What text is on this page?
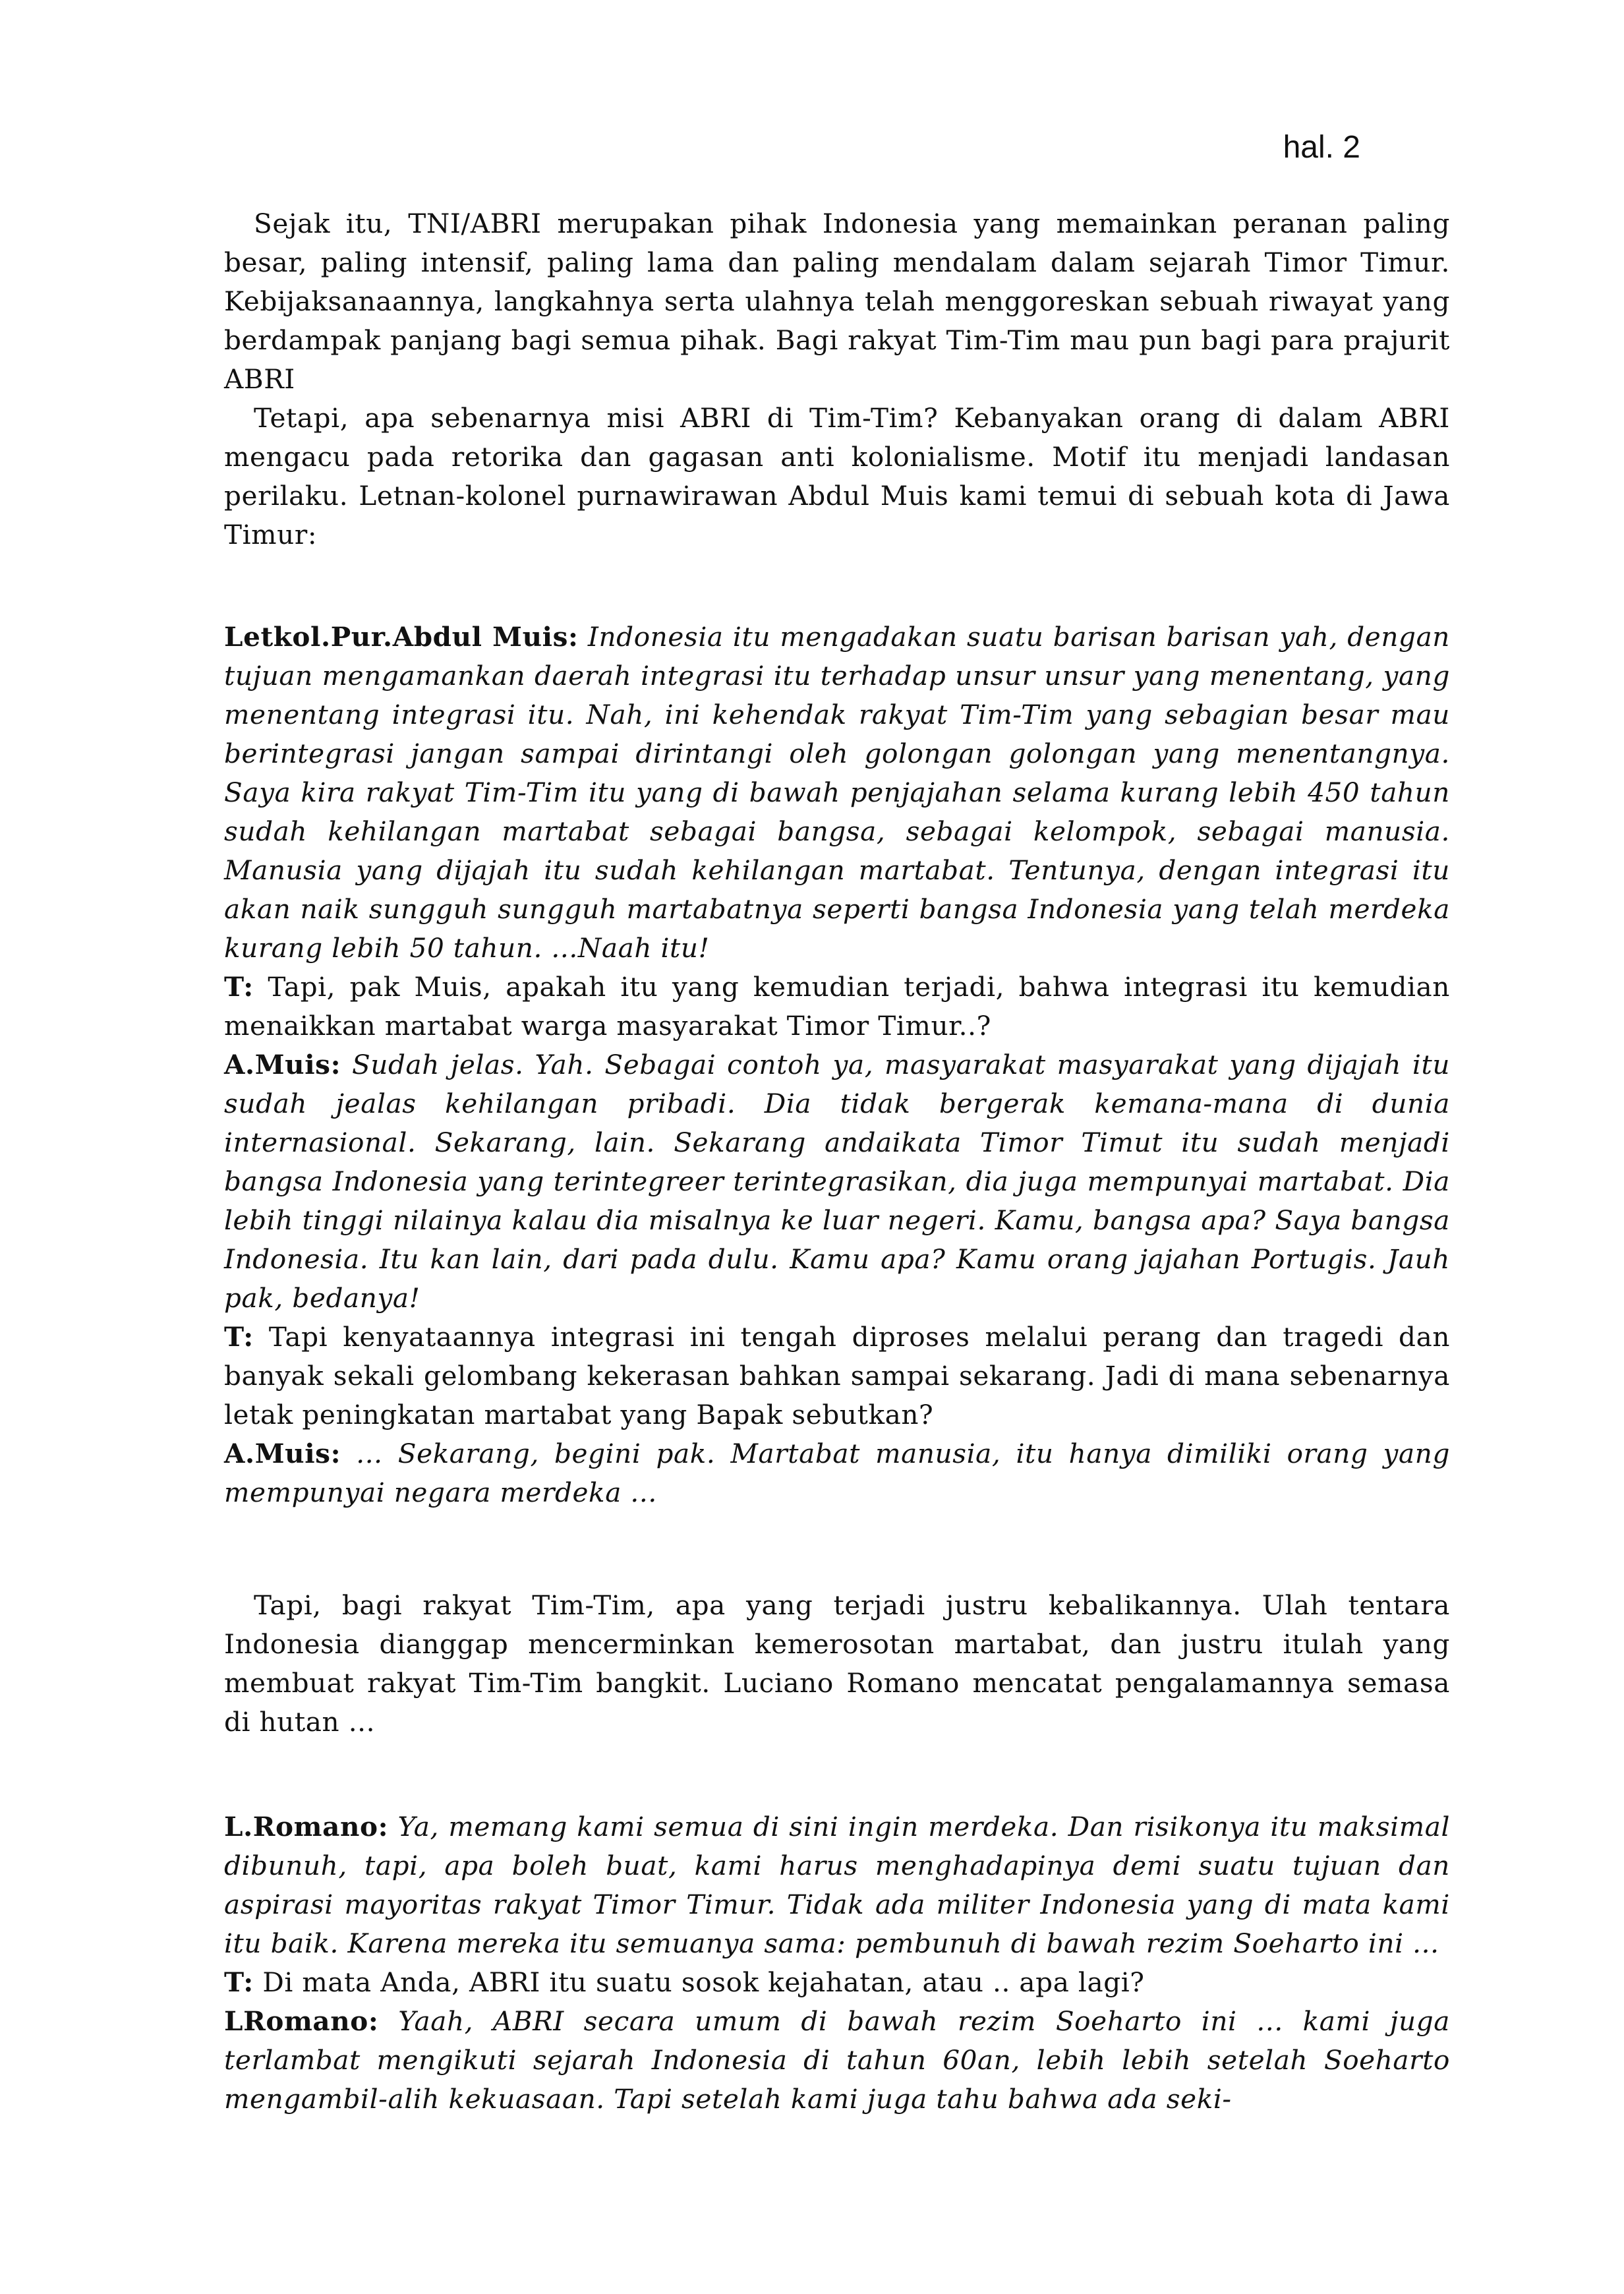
hal. 2

Sejak itu, TNI/ABRI merupakan pihak Indonesia yang memainkan peranan paling besar, paling intensif, paling lama dan paling mendalam dalam sejarah Timor Timur. Kebijaksanaannya, langkahnya serta ulahnya telah menggoreskan sebuah riwayat yang berdampak panjang bagi semua pihak. Bagi rakyat Tim-Tim mau pun bagi para prajurit ABRI

Tetapi, apa sebenarnya misi ABRI di Tim-Tim? Kebanyakan orang di dalam ABRI mengacu pada retorika dan gagasan anti kolonialisme. Motif itu menjadi landasan perilaku. Letnan-kolonel purnawirawan Abdul Muis kami temui di sebuah kota di Jawa Timur:

Letkol.Pur.Abdul Muis: Indonesia itu mengadakan suatu barisan barisan yah, dengan tujuan mengamankan daerah integrasi itu terhadap unsur unsur yang menentang, yang menentang integrasi itu. Nah, ini kehendak rakyat Tim-Tim yang sebagian besar mau berintegrasi jangan sampai dirintangi oleh golongan golongan yang menentangnya. Saya kira rakyat Tim-Tim itu yang di bawah penjajahan selama kurang lebih 450 tahun sudah kehilangan martabat sebagai bangsa, sebagai kelompok, sebagai manusia. Manusia yang dijajah itu sudah kehilangan martabat. Tentunya, dengan integrasi itu akan naik sungguh sungguh martabatnya seperti bangsa Indonesia yang telah merdeka kurang lebih 50 tahun. ...Naah itu!

T: Tapi, pak Muis, apakah itu yang kemudian terjadi, bahwa integrasi itu kemudian menaikkan martabat warga masyarakat Timor Timur..?

A.Muis: Sudah jelas. Yah. Sebagai contoh ya, masyarakat masyarakat yang dijajah itu sudah jealas kehilangan pribadi. Dia tidak bergerak kemana-mana di dunia internasional. Sekarang, lain. Sekarang andaikata Timor Timut itu sudah menjadi bangsa Indonesia yang terintegreer terintegrasikan, dia juga mempunyai martabat. Dia lebih tinggi nilainya kalau dia misalnya ke luar negeri. Kamu, bangsa apa? Saya bangsa Indonesia. Itu kan lain, dari pada dulu. Kamu apa? Kamu orang jajahan Portugis. Jauh pak, bedanya!

T: Tapi kenyataannya integrasi ini tengah diproses melalui perang dan tragedi dan banyak sekali gelombang kekerasan bahkan sampai sekarang. Jadi di mana sebenarnya letak peningkatan martabat yang Bapak sebutkan?

A.Muis: ... Sekarang, begini pak. Martabat manusia, itu hanya dimiliki orang yang mempunyai negara merdeka ...

Tapi, bagi rakyat Tim-Tim, apa yang terjadi justru kebalikannya. Ulah tentara Indonesia dianggap mencerminkan kemerosotan martabat, dan justru itulah yang membuat rakyat Tim-Tim bangkit. Luciano Romano mencatat pengalamannya semasa di hutan ...

L.Romano: Ya, memang kami semua di sini ingin merdeka. Dan risikonya itu maksimal dibunuh, tapi, apa boleh buat, kami harus menghadapinya demi suatu tujuan dan aspirasi mayoritas rakyat Timor Timur. Tidak ada militer Indonesia yang di mata kami itu baik. Karena mereka itu semuanya sama: pembunuh di bawah rezim Soeharto ini ...

T: Di mata Anda, ABRI itu suatu sosok kejahatan, atau .. apa lagi?

LRomano: Yaah, ABRI secara umum di bawah rezim Soeharto ini ... kami juga terlambat mengikuti sejarah Indonesia di tahun 60an, lebih lebih setelah Soeharto mengambil-alih kekuasaan. Tapi setelah kami juga tahu bahwa ada seki-
